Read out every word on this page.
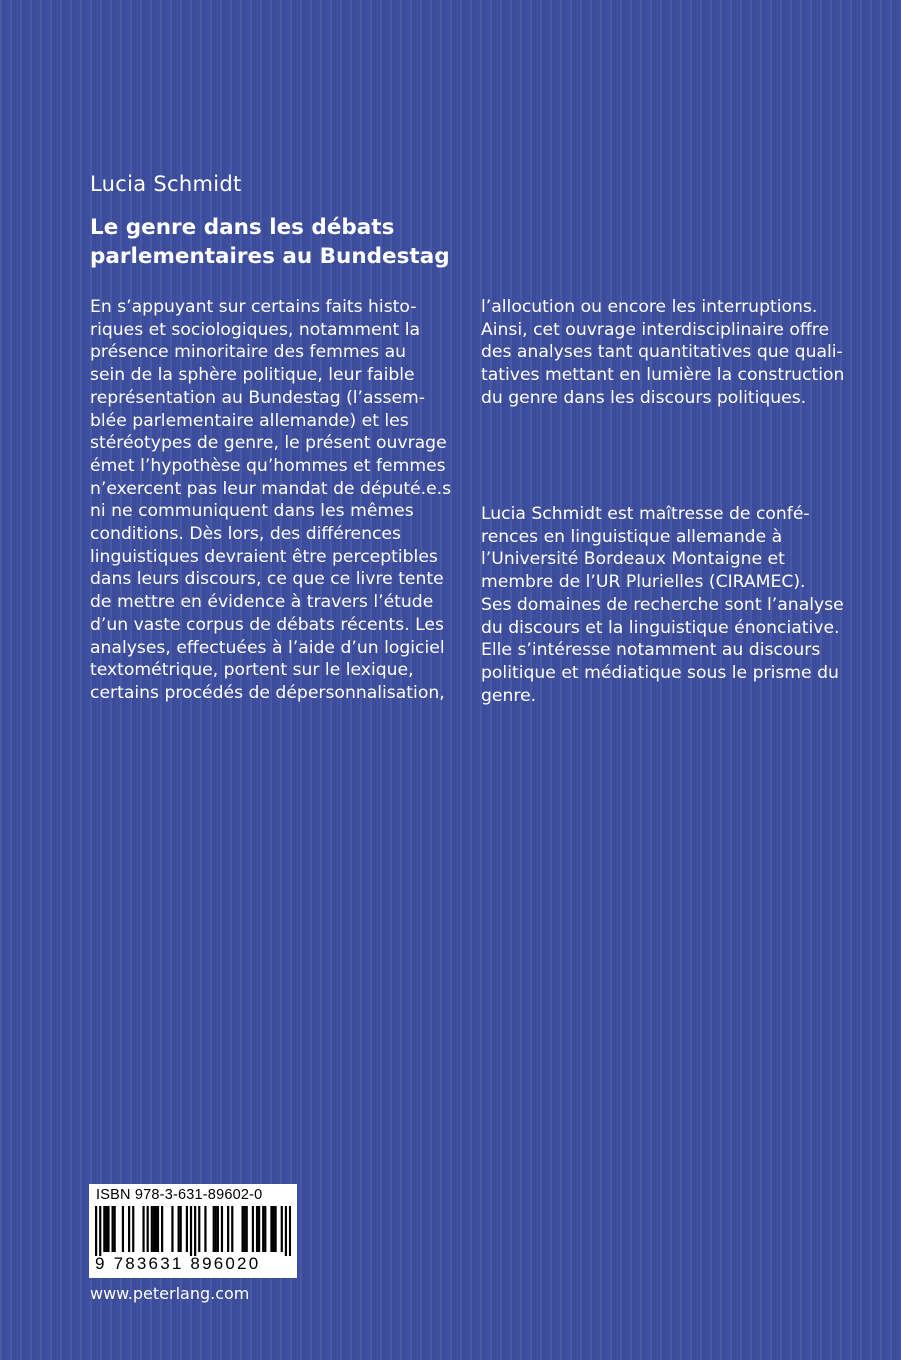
Lucia Schmidt
Le genre dans les débats
parlementaires au Bundestag
En s’appuyant sur certains faits histo-
riques et sociologiques, notamment la
présence minoritaire des femmes au
sein de la sphère politique, leur faible
représentation au Bundestag (l’assem-
blée parlementaire allemande) et les
stéréotypes de genre, le présent ouvrage
émet l’hypothèse qu’hommes et femmes
n’exercent pas leur mandat de député.e.s
ni ne communiquent dans les mêmes
conditions. Dès lors, des différences
linguistiques devraient être perceptibles
dans leurs discours, ce que ce livre tente
de mettre en évidence à travers l’étude
d’un vaste corpus de débats récents. Les
analyses, effectuées à l’aide d’un logiciel
textométrique, portent sur le lexique,
certains procédés de dépersonnalisation,
l’allocution ou encore les interruptions.
Ainsi, cet ouvrage interdisciplinaire offre
des analyses tant quantitatives que quali-
tatives mettant en lumière la construction
du genre dans les discours politiques.
Lucia Schmidt est maîtresse de confé-
rences en linguistique allemande à
l’Université Bordeaux Montaigne et
membre de l’UR Plurielles (CIRAMEC).
Ses domaines de recherche sont l’analyse
du discours et la linguistique énonciative.
Elle s’intéresse notamment au discours
politique et médiatique sous le prisme du
genre.
ISBN 978-3-631-89602-0
9 783631 896020
www.peterlang.com
